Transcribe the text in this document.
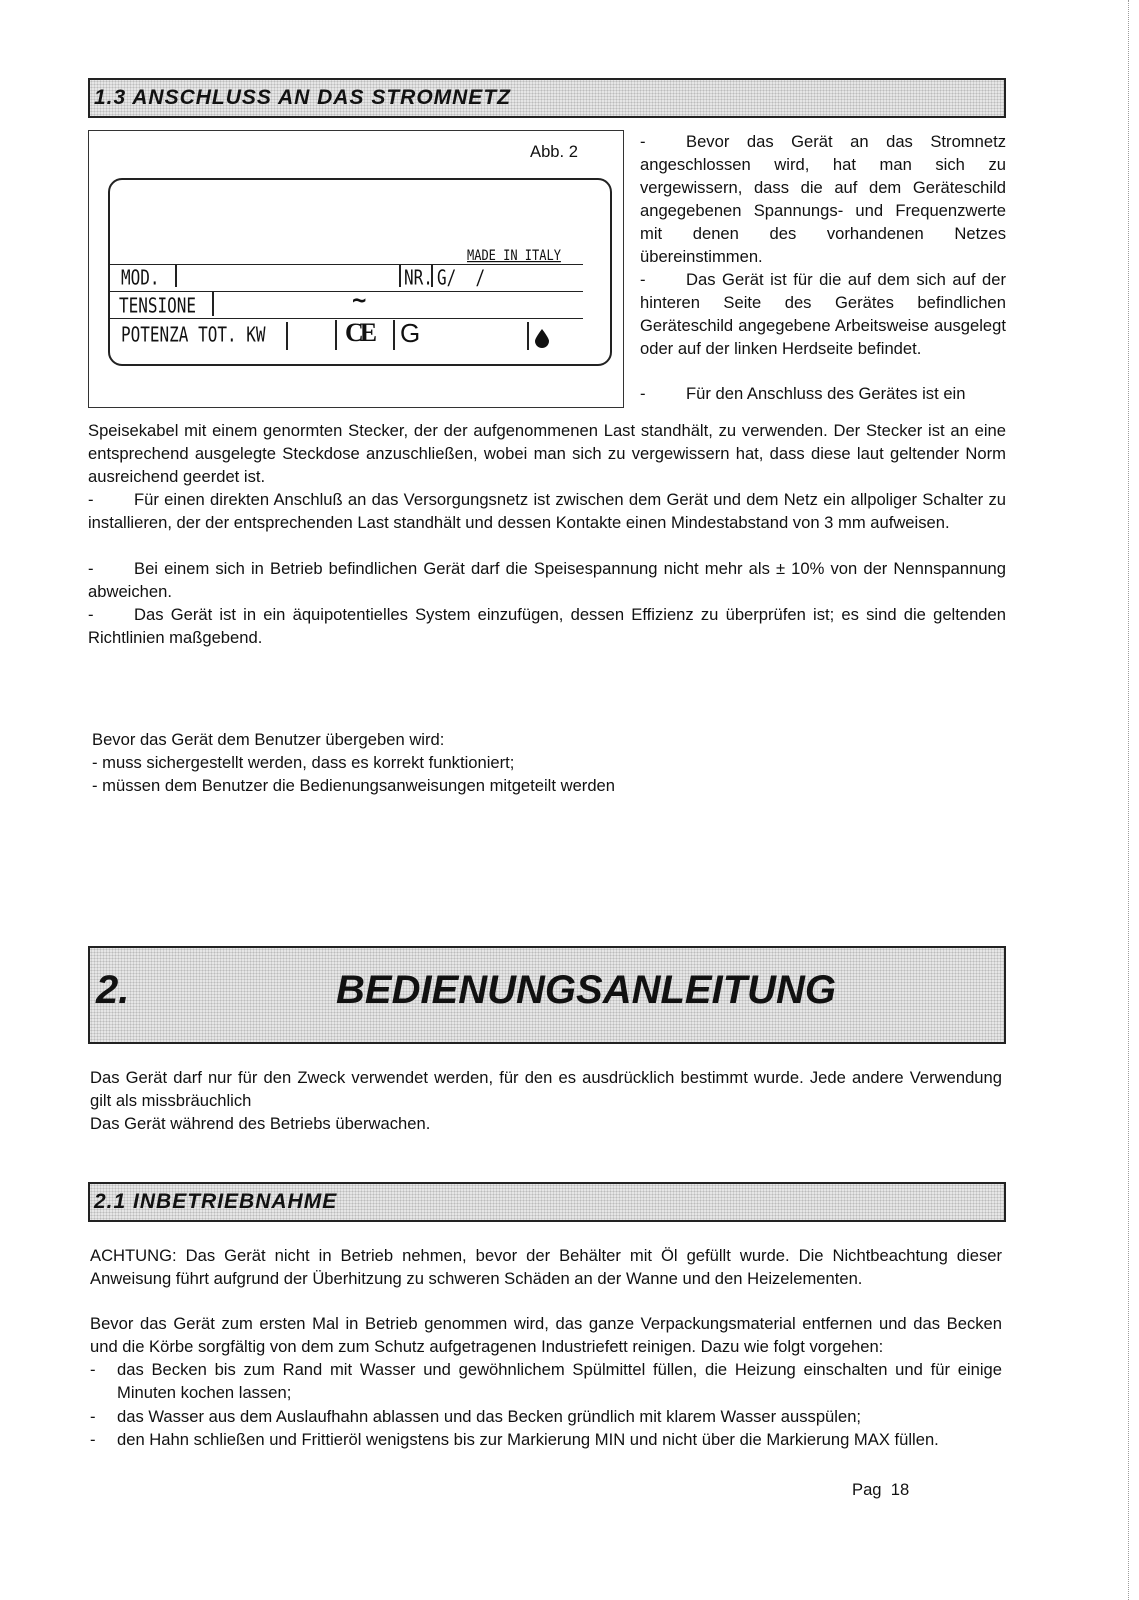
1.3 ANSCHLUSS AN DAS STROMNETZ
Abb. 2
MADE IN ITALY
MOD.	NR. G/  /
TENSIONE	~
POTENZA TOT. KW	CE G
- Bevor das Gerät an das Stromnetz angeschlossen wird, hat man sich zu vergewissern, dass die auf dem Geräteschild angegebenen Spannungs- und Frequenzwerte mit denen des vorhandenen Netzes übereinstimmen.
- Das Gerät ist für die auf dem sich auf der hinteren Seite des Gerätes befindlichen Geräteschild angegebene Arbeitsweise ausgelegt oder auf der linken Herdseite befindet.
- Für den Anschluss des Gerätes ist ein
Speisekabel mit einem genormten Stecker, der der aufgenommenen Last standhält, zu verwenden. Der Stecker ist an eine entsprechend ausgelegte Steckdose anzuschließen, wobei man sich zu vergewissern hat, dass diese laut geltender Norm ausreichend geerdet ist.
- Für einen direkten Anschluß an das Versorgungsnetz ist zwischen dem Gerät und dem Netz ein allpoliger Schalter zu installieren, der der entsprechenden Last standhält und dessen Kontakte einen Mindestabstand von 3 mm aufweisen.
- Bei einem sich in Betrieb befindlichen Gerät darf die Speisespannung nicht mehr als ± 10% von der Nennspannung abweichen.
- Das Gerät ist in ein äquipotentielles System einzufügen, dessen Effizienz zu überprüfen ist; es sind die geltenden Richtlinien maßgebend.
Bevor das Gerät dem Benutzer übergeben wird:
- muss sichergestellt werden, dass es korrekt funktioniert;
- müssen dem Benutzer die Bedienungsanweisungen mitgeteilt werden
2.	BEDIENUNGSANLEITUNG
Das Gerät darf nur für den Zweck verwendet werden, für den es ausdrücklich bestimmt wurde. Jede andere Verwendung gilt als missbräuchlich
Das Gerät während des Betriebs überwachen.
2.1 INBETRIEBNAHME
ACHTUNG: Das Gerät nicht in Betrieb nehmen, bevor der Behälter mit Öl gefüllt wurde. Die Nichtbeachtung dieser Anweisung führt aufgrund der Überhitzung zu schweren Schäden an der Wanne und den Heizelementen.
Bevor das Gerät zum ersten Mal in Betrieb genommen wird, das ganze Verpackungsmaterial entfernen und das Becken und die Körbe sorgfältig von dem zum Schutz aufgetragenen Industriefett reinigen. Dazu wie folgt vorgehen:
- das Becken bis zum Rand mit Wasser und gewöhnlichem Spülmittel füllen, die Heizung einschalten und für einige Minuten kochen lassen;
- das Wasser aus dem Auslaufhahn ablassen und das Becken gründlich mit klarem Wasser ausspülen;
- den Hahn schließen und Frittieröl wenigstens bis zur Markierung MIN und nicht über die Markierung MAX füllen.
Pag  18
